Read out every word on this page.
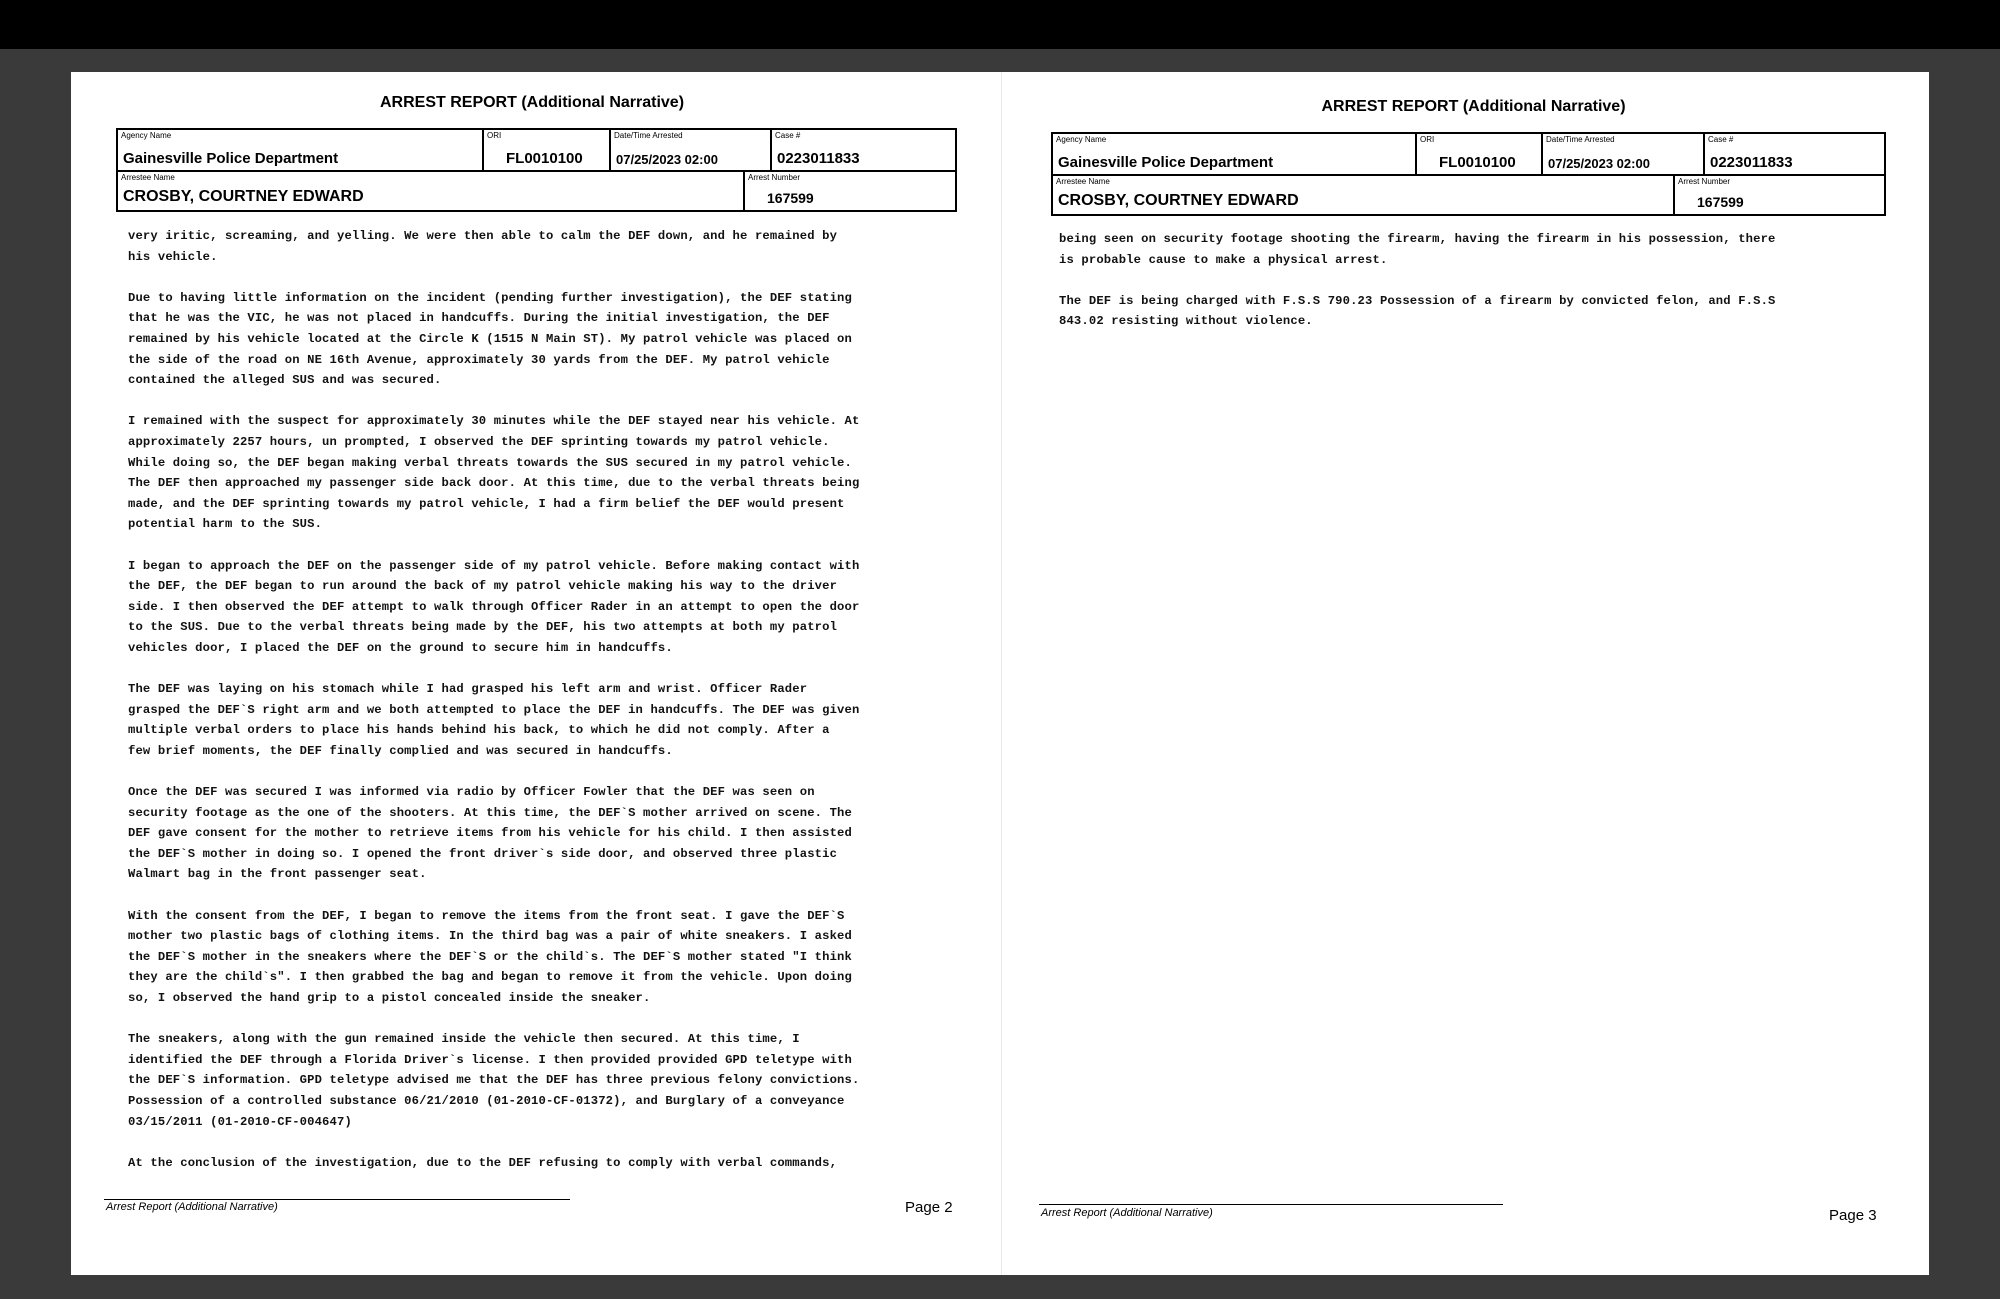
ARREST REPORT (Additional Narrative)
Agency Name
Gainesville Police Department
ORI
FL0010100
Date/Time Arrested
07/25/2023 02:00
Case #
0223011833
Arrestee Name
CROSBY, COURTNEY EDWARD
Arrest Number
167599

very iritic, screaming, and yelling. We were then able to calm the DEF down, and he remained by
his vehicle.

Due to having little information on the incident (pending further investigation), the DEF stating
that he was the VIC, he was not placed in handcuffs. During the initial investigation, the DEF
remained by his vehicle located at the Circle K (1515 N Main ST). My patrol vehicle was placed on
the side of the road on NE 16th Avenue, approximately 30 yards from the DEF. My patrol vehicle
contained the alleged SUS and was secured.

I remained with the suspect for approximately 30 minutes while the DEF stayed near his vehicle. At
approximately 2257 hours, un prompted, I observed the DEF sprinting towards my patrol vehicle.
While doing so, the DEF began making verbal threats towards the SUS secured in my patrol vehicle.
The DEF then approached my passenger side back door. At this time, due to the verbal threats being
made, and the DEF sprinting towards my patrol vehicle, I had a firm belief the DEF would present
potential harm to the SUS.

I began to approach the DEF on the passenger side of my patrol vehicle. Before making contact with
the DEF, the DEF began to run around the back of my patrol vehicle making his way to the driver
side. I then observed the DEF attempt to walk through Officer Rader in an attempt to open the door
to the SUS. Due to the verbal threats being made by the DEF, his two attempts at both my patrol
vehicles door, I placed the DEF on the ground to secure him in handcuffs.

The DEF was laying on his stomach while I had grasped his left arm and wrist. Officer Rader
grasped the DEF`S right arm and we both attempted to place the DEF in handcuffs. The DEF was given
multiple verbal orders to place his hands behind his back, to which he did not comply. After a
few brief moments, the DEF finally complied and was secured in handcuffs.

Once the DEF was secured I was informed via radio by Officer Fowler that the DEF was seen on
security footage as the one of the shooters. At this time, the DEF`S mother arrived on scene. The
DEF gave consent for the mother to retrieve items from his vehicle for his child. I then assisted
the DEF`S mother in doing so. I opened the front driver`s side door, and observed three plastic
Walmart bag in the front passenger seat.

With the consent from the DEF, I began to remove the items from the front seat. I gave the DEF`S
mother two plastic bags of clothing items. In the third bag was a pair of white sneakers. I asked
the DEF`S mother in the sneakers where the DEF`S or the child`s. The DEF`S mother stated "I think
they are the child`s". I then grabbed the bag and began to remove it from the vehicle. Upon doing
so, I observed the hand grip to a pistol concealed inside the sneaker.

The sneakers, along with the gun remained inside the vehicle then secured. At this time, I
identified the DEF through a Florida Driver`s license. I then provided provided GPD teletype with
the DEF`S information. GPD teletype advised me that the DEF has three previous felony convictions.
Possession of a controlled substance 06/21/2010 (01-2010-CF-01372), and Burglary of a conveyance
03/15/2011 (01-2010-CF-004647)

At the conclusion of the investigation, due to the DEF refusing to comply with verbal commands,

Arrest Report (Additional Narrative)	Page 2
ARREST REPORT (Additional Narrative)
Agency Name
Gainesville Police Department
ORI
FL0010100
Date/Time Arrested
07/25/2023 02:00
Case #
0223011833
Arrestee Name
CROSBY, COURTNEY EDWARD
Arrest Number
167599

being seen on security footage shooting the firearm, having the firearm in his possession, there
is probable cause to make a physical arrest.

The DEF is being charged with F.S.S 790.23 Possession of a firearm by convicted felon, and F.S.S
843.02 resisting without violence.

Arrest Report (Additional Narrative)	Page 3
